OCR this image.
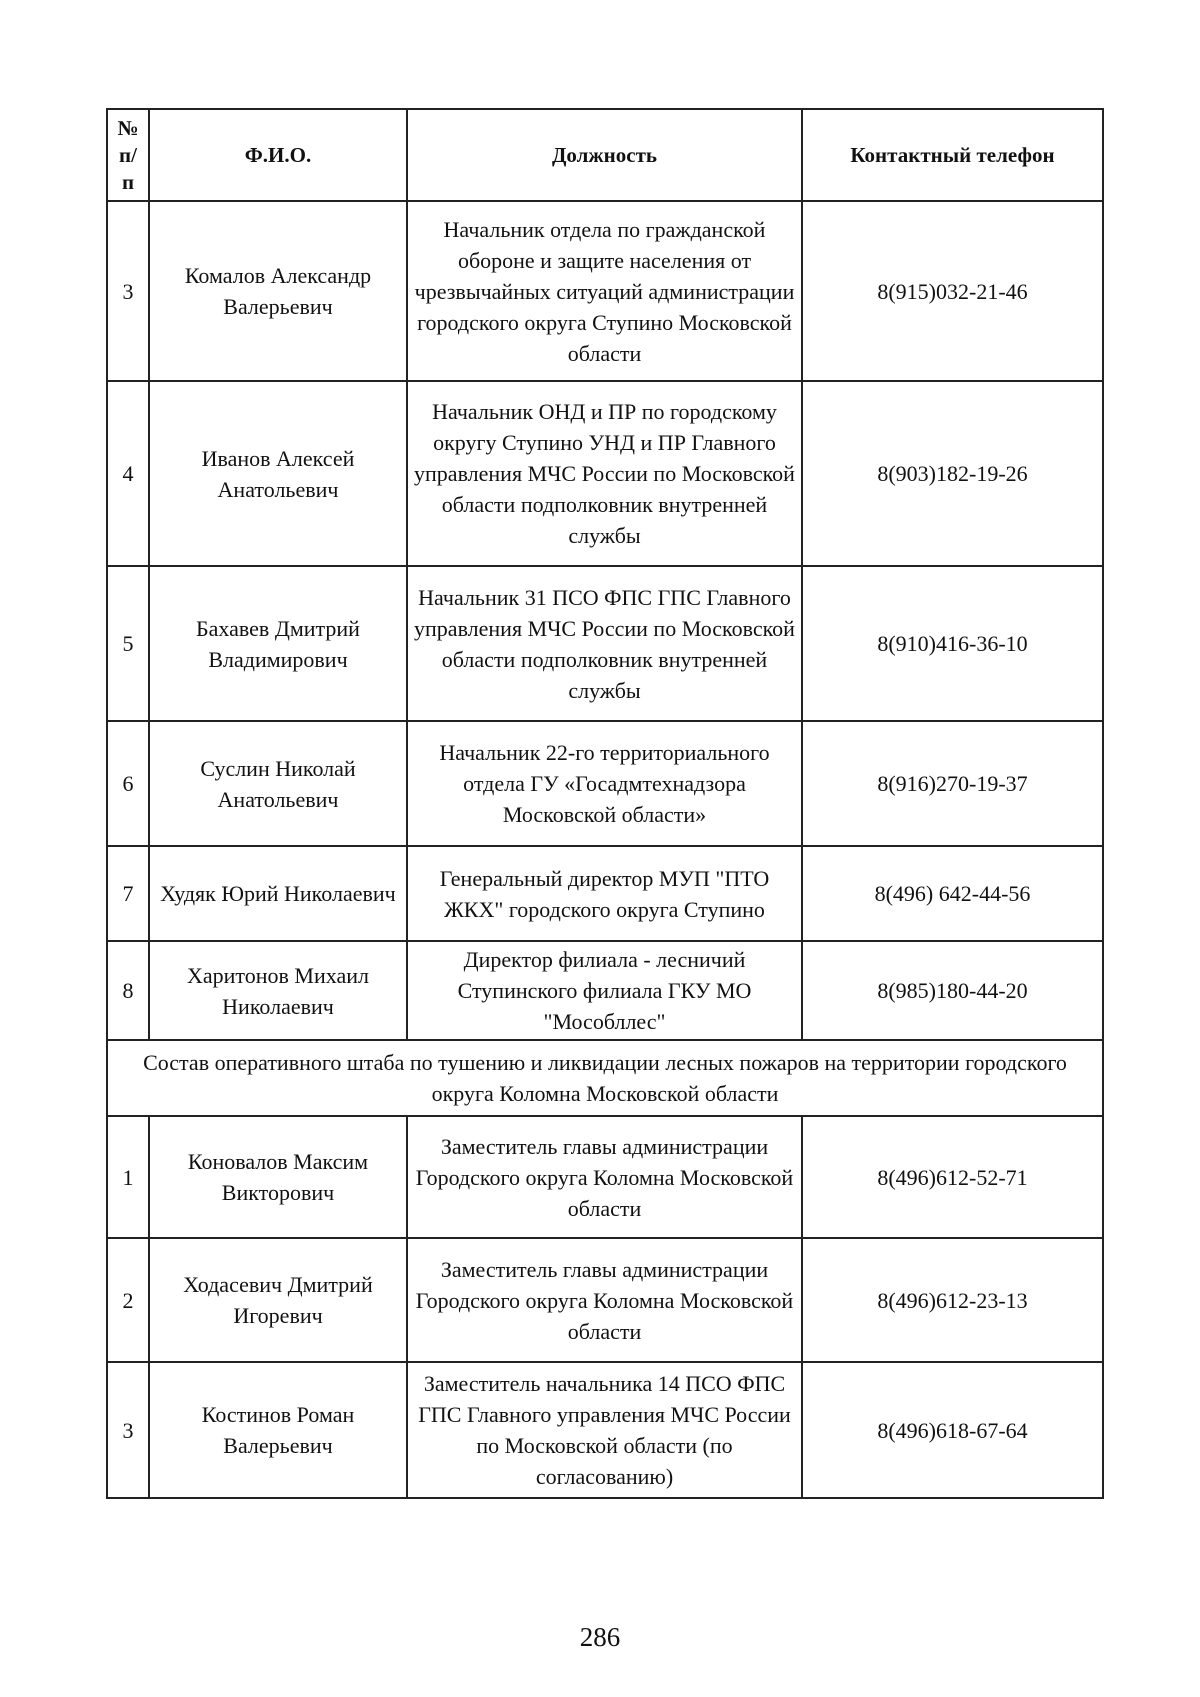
№ п/ п	Ф.И.О.	Должность	Контактный телефон
3	Комалов Александр Валерьевич	Начальник отдела по гражданской обороне и защите населения от чрезвычайных ситуаций администрации городского округа Ступино Московской области	8(915)032-21-46
4	Иванов Алексей Анатольевич	Начальник ОНД и ПР по городскому округу Ступино УНД и ПР Главного управления МЧС России по Московской области подполковник внутренней службы	8(903)182-19-26
5	Бахавев Дмитрий Владимирович	Начальник 31 ПСО ФПС ГПС Главного управления МЧС России по Московской области подполковник внутренней службы	8(910)416-36-10
6	Суслин Николай Анатольевич	Начальник 22-го территориального отдела ГУ «Госадмтехнадзора Московской области»	8(916)270-19-37
7	Худяк Юрий Николаевич	Генеральный директор МУП "ПТО ЖКХ" городского округа Ступино	8(496) 642-44-56
8	Харитонов Михаил Николаевич	Директор филиала - лесничий Ступинского филиала ГКУ МО "Мособллес"	8(985)180-44-20
Состав оперативного штаба по тушению и ликвидации лесных пожаров на территории городского округа Коломна Московской области			
1	Коновалов Максим Викторович	Заместитель главы администрации Городского округа Коломна Московской области	8(496)612-52-71
2	Ходасевич Дмитрий Игоревич	Заместитель главы администрации Городского округа Коломна Московской области	8(496)612-23-13
3	Костинов Роман Валерьевич	Заместитель начальника 14 ПСО ФПС ГПС Главного управления МЧС России по Московской области (по согласованию)	8(496)618-67-64
286
